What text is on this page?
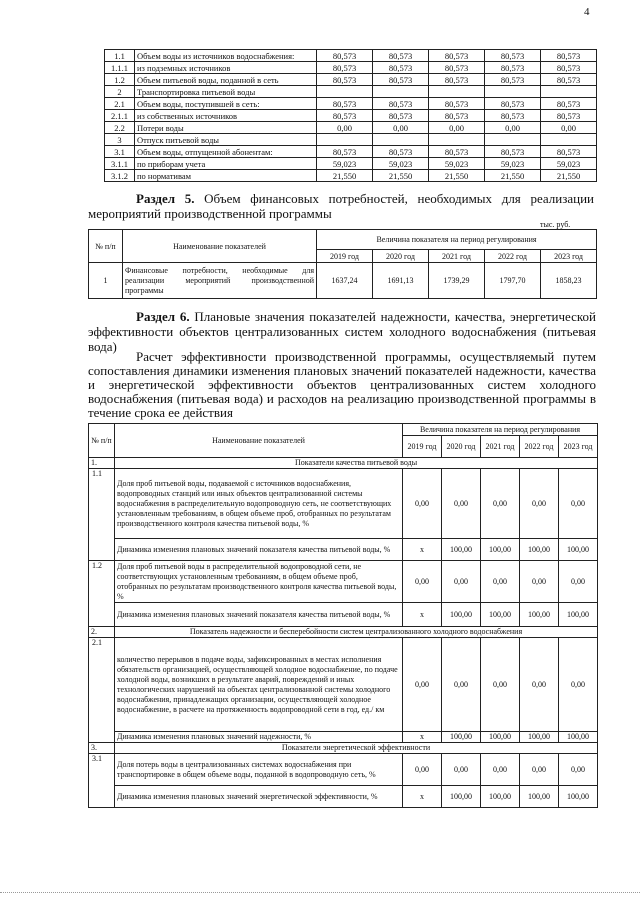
4
1.1	Объем воды из источников водоснабжения:	80,573	80,573	80,573	80,573	80,573
1.1.1	из подземных источников	80,573	80,573	80,573	80,573	80,573
1.2	Объем питьевой воды, поданной в сеть	80,573	80,573	80,573	80,573	80,573
2	Транспортировка питьевой воды					
2.1	Объем воды, поступившей в сеть:	80,573	80,573	80,573	80,573	80,573
2.1.1	из собственных источников	80,573	80,573	80,573	80,573	80,573
2.2	Потери воды	0,00	0,00	0,00	0,00	0,00
3	Отпуск питьевой воды					
3.1	Объем воды, отпущенной абонентам:	80,573	80,573	80,573	80,573	80,573
3.1.1	по приборам учета	59,023	59,023	59,023	59,023	59,023
3.1.2	по нормативам	21,550	21,550	21,550	21,550	21,550
Раздел 5. Объем финансовых потребностей, необходимых для реализации мероприятий производственной программы
тыс. руб.
№ п/п	Наименование показателей	Величина показателя на период регулирования				
		2019 год	2020 год	2021 год	2022 год	2023 год
1	Финансовые потребности, необходимые для реализации мероприятий производственной программы	1637,24	1691,13	1739,29	1797,70	1858,23
Раздел 6. Плановые значения показателей надежности, качества, энергетической эффективности объектов централизованных систем холодного водоснабжения (питьевая вода)
Расчет эффективности производственной программы, осуществляемый путем сопоставления динамики изменения плановых значений показателей надежности, качества и энергетической эффективности объектов централизованных систем холодного водоснабжения (питьевая вода) и расходов на реализацию производственной программы в течение срока ее действия
№ п/п	Наименование показателей	Величина показателя на период регулирования				
		2019 год	2020 год	2021 год	2022 год	2023 год
1.	Показатели качества питьевой воды					
1.1	Доля проб питьевой воды, подаваемой с источников водоснабжения, водопроводных станций или иных объектов централизованной системы водоснабжения в распределительную водопроводную сеть, не соответствующих установленным требованиям, в общем объеме проб, отобранных по результатам производственного контроля качества питьевой воды, %	0,00	0,00	0,00	0,00	0,00
	Динамика изменения плановых значений показателя качества питьевой воды, %	х	100,00	100,00	100,00	100,00
1.2	Доля проб питьевой воды в распределительной водопроводной сети, не соответствующих установленным требованиям, в общем объеме проб, отобранных по результатам производственного контроля качества питьевой воды, %	0,00	0,00	0,00	0,00	0,00
	Динамика изменения плановых значений показателя качества питьевой воды, %	х	100,00	100,00	100,00	100,00
2.	Показатель надежности и бесперебойности систем централизованного холодного водоснабжения					
2.1	количество перерывов в подаче воды, зафиксированных в местах исполнения обязательств организацией, осуществляющей холодное водоснабжение, по подаче холодной воды, возникших в результате аварий, повреждений и иных технологических нарушений на объектах централизованной системы холодного водоснабжения, принадлежащих организации, осуществляющей холодное водоснабжение, в расчете на протяженность водопроводной сети в год, ед./ км	0,00	0,00	0,00	0,00	0,00
	Динамика изменения плановых значений надежности, %	х	100,00	100,00	100,00	100,00
3.	Показатели энергетической эффективности					
3.1	Доля потерь воды в централизованных системах водоснабжения при транспортировке в общем объеме воды, поданной в водопроводную сеть, %	0,00	0,00	0,00	0,00	0,00
	Динамика изменения плановых значений энергетической эффективности, %	х	100,00	100,00	100,00	100,00
